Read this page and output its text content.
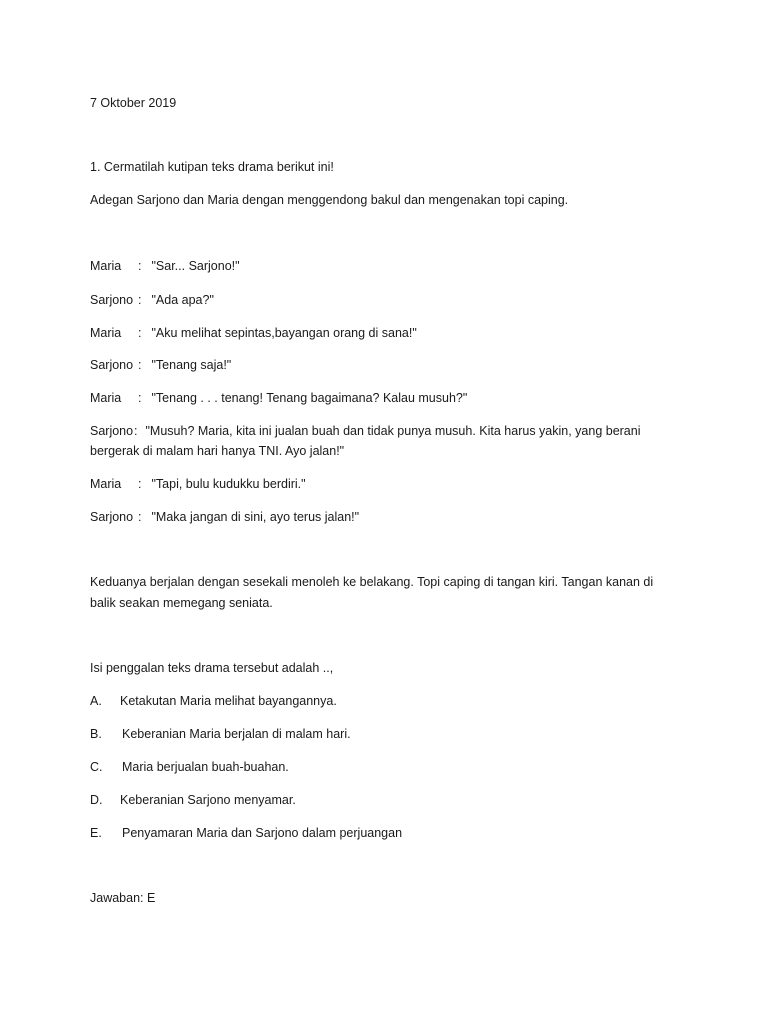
7 Oktober 2019
1. Cermatilah kutipan teks drama berikut ini!
Adegan Sarjono dan Maria dengan menggendong bakul dan mengenakan topi caping.
Maria : "Sar... Sarjono!"
Sarjono : "Ada apa?"
Maria : "Aku melihat sepintas,bayangan orang di sana!"
Sarjono : "Tenang saja!"
Maria : "Tenang . . . tenang! Tenang bagaimana? Kalau musuh?"
Sarjono: "Musuh? Maria, kita ini jualan buah dan tidak punya musuh. Kita harus yakin, yang berani
bergerak di malam hari hanya TNI. Ayo jalan!"
Maria : "Tapi, bulu kudukku berdiri."
Sarjono : "Maka jangan di sini, ayo terus jalan!"
Keduanya berjalan dengan sesekali menoleh ke belakang. Topi caping di tangan kiri. Tangan kanan di
balik seakan memegang seniata.
Isi penggalan teks drama tersebut adalah ..,
A. Ketakutan Maria melihat bayangannya.
B. Keberanian Maria berjalan di malam hari.
C. Maria berjualan buah-buahan.
D. Keberanian Sarjono menyamar.
E. Penyamaran Maria dan Sarjono dalam perjuangan
Jawaban: E
